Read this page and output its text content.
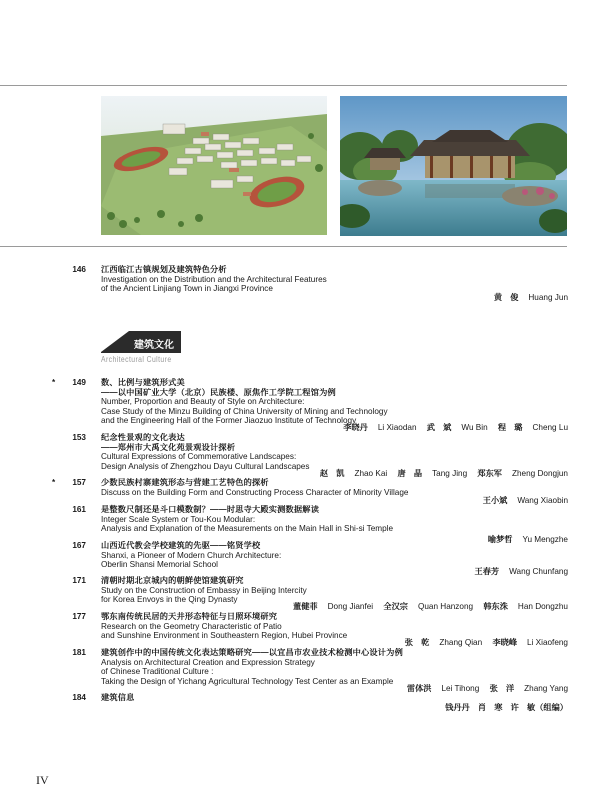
146 江西临江古镇规划及建筑特色分析
Investigation on the Distribution and the Architectural Features
of the Ancient Linjiang Town in Jiangxi Province
黄　俊 Huang Jun
建筑文化
Architectural Culture
*	149 数、比例与建筑形式美
——以中国矿业大学（北京）民族楼、原焦作工学院工程馆为例
Number, Proportion and Beauty of Style on Architecture:
Case Study of the Minzu Building of China University of Mining and Technology
and the Engineering Hall of the Former Jiaozuo Institute of Technology
李晓丹 Li Xiaodan 武　斌 Wu Bin 程　璐 Cheng Lu
153 纪念性景观的文化表达
——郑州市大禹文化苑景观设计探析
Cultural Expressions of Commemorative Landscapes:
Design Analysis of Zhengzhou Dayu Cultural Landscapes
赵　凯 Zhao Kai 唐　晶 Tang Jing 郑东军 Zheng Dongjun
*	157 少数民族村寨建筑形态与营建工艺特色的探析
Discuss on the Building Form and Constructing Process Character of Minority Village
王小斌 Wang Xiaobin
161 是整数尺制还是斗口模数制？——时思寺大殿实测数据解读
Integer Scale System or Tou-Kou Modular:
Analysis and Explanation of the Measurements on the Main Hall in Shi-si Temple
喻梦哲 Yu Mengzhe
167 山西近代教会学校建筑的先驱——铭贤学校
Shanxi, a Pioneer of Modern Church Architecture:
Oberlin Shansi Memorial School
王春芳 Wang Chunfang
171 清朝时期北京城内的朝鲜使馆建筑研究
Study on the Construction of Embassy in Beijing Intercity
for Korea Envoys in the Qing Dynasty
董健菲 Dong Jianfei 全汉宗 Quan Hanzong 韩东洙 Han Dongzhu
177 鄂东南传统民居的天井形态特征与日照环境研究
Research on the Geometry Characteristic of Patio
and Sunshine Environment in Southeastern Region, Hubei Province
张　乾 Zhang Qian 李晓峰 Li Xiaofeng
181 建筑创作中的中国传统文化表达策略研究——以宜昌市农业技术检测中心设计为例
Analysis on Architectural Creation and Expression Strategy
of Chinese Traditional Culture :
Taking the Design of Yichang Agricultural Technology Test Center as an Example
雷体洪 Lei Tihong 张　洋 Zhang Yang
184 建筑信息
钱丹丹　肖　寒　许　敏（组编）
IV
